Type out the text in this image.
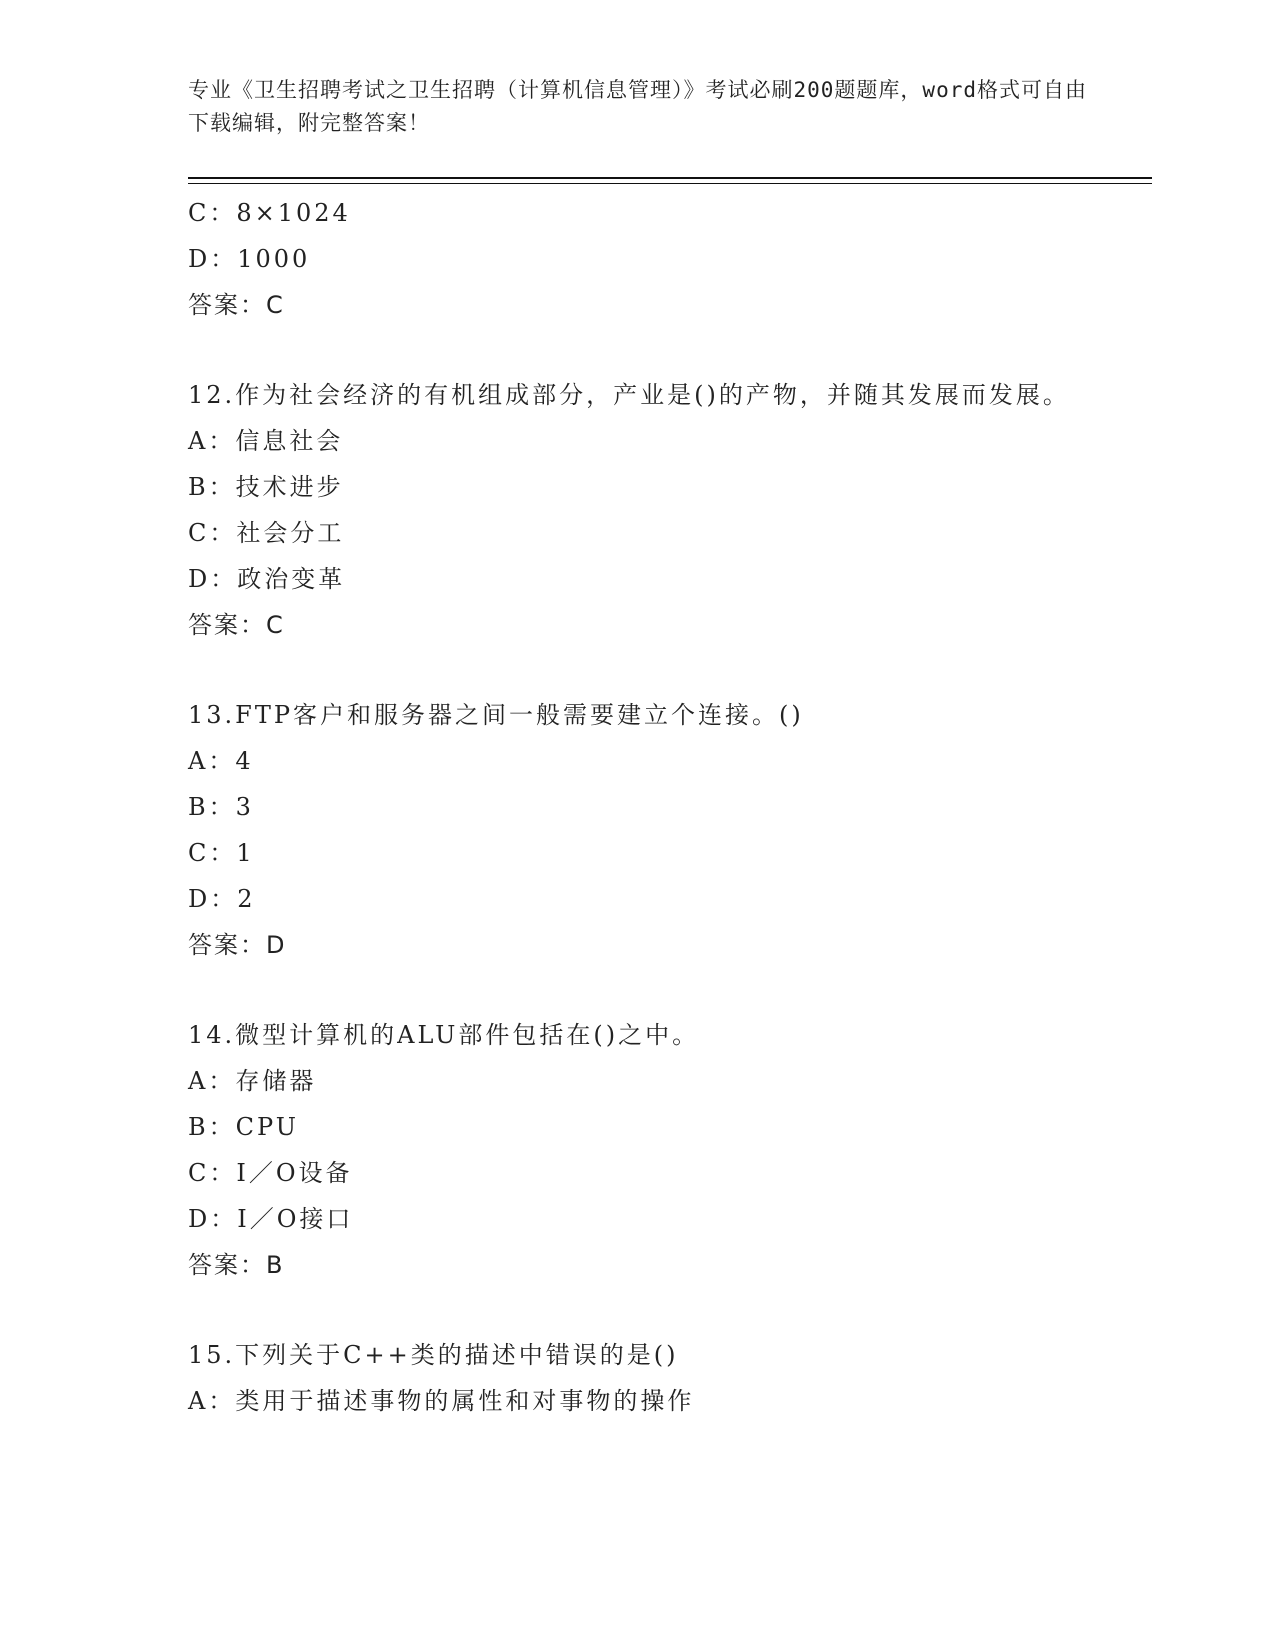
专业《卫生招聘考试之卫生招聘（计算机信息管理）》考试必刷200题题库，word格式可自由下载编辑，附完整答案！
C：8×1024
D：1000
答案：C
12.作为社会经济的有机组成部分，产业是()的产物，并随其发展而发展。
A：信息社会
B：技术进步
C：社会分工
D：政治变革
答案：C
13.FTP客户和服务器之间一般需要建立个连接。()
A：4
B：3
C：1
D：2
答案：D
14.微型计算机的ALU部件包括在()之中。
A：存储器
B：CPU
C：I／O设备
D：I／O接口
答案：B
15.下列关于C++类的描述中错误的是()
A：类用于描述事物的属性和对事物的操作
